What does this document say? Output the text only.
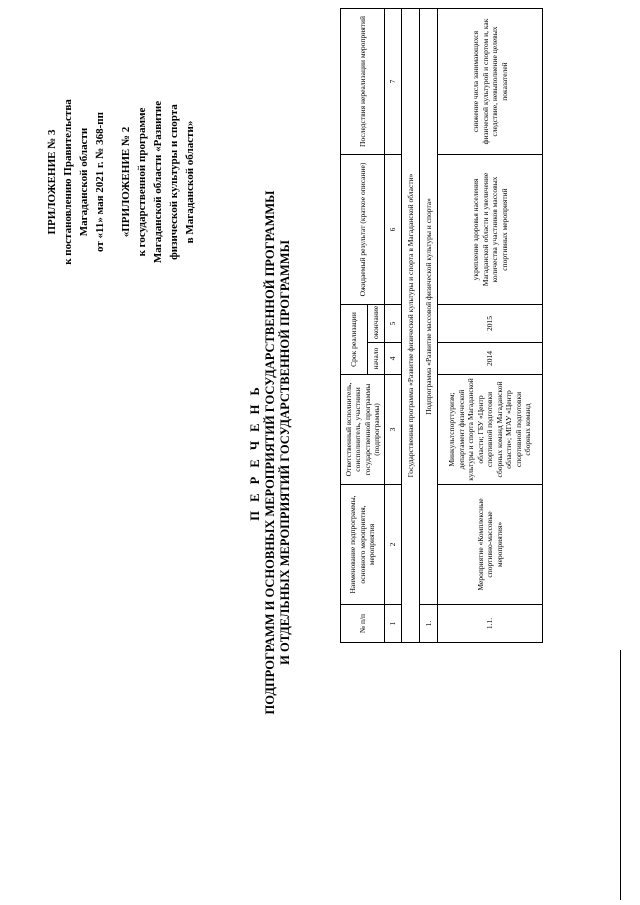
ПРИЛОЖЕНИЕ № 3 к постановлению Правительства Магаданской области от «11» мая 2021 г. № 368-пп «ПРИЛОЖЕНИЕ № 2 к государственной программе Магаданской области «Развитие физической культуры и спорта в Магаданской области»
П Е Р Е Ч Е Н Ь ПОДПРОГРАММ И ОСНОВНЫХ МЕРОПРИЯТИЙ ГОСУДАРСТВЕННОЙ ПРОГРАММЫ И ОТДЕЛЬНЫХ МЕРОПРИЯТИЙ ГОСУДАРСТВЕННОЙ ПРОГРАММЫ	№ п/п	Наименование подпрограммы, основного мероприятия, мероприятия	Ответственный исполнитель, соисполнитель, участники государственной программы (подпрограммы)	Срок реализации		Ожидаемый результат (краткое описание)	Последствия нереализации мероприятий
			начало	окончание		
1	2	3	4	5	6	7
Государственная программа «Развитие физической культуры и спорта в Магаданской области»						
1.	Подпрограмма «Развитие массовой физической культуры и спорта»					
1.1.	Мероприятие «Комплексные спортивно-массовые мероприятия»	Минкультспорттуризм; департамент физической культуры и спорта Магаданской области; ГБУ «Центр спортивной подготовки сборных команд Магаданской области»; МГАУ «Центр спортивной подготовки сборных команд	2014	2015	укрепление здоровья населения Магаданской области и увеличение количества участников массовых спортивных мероприятий	снижение числа занимающихся физической культурой и спортом и, как следствие, невыполнение целевых показателей
